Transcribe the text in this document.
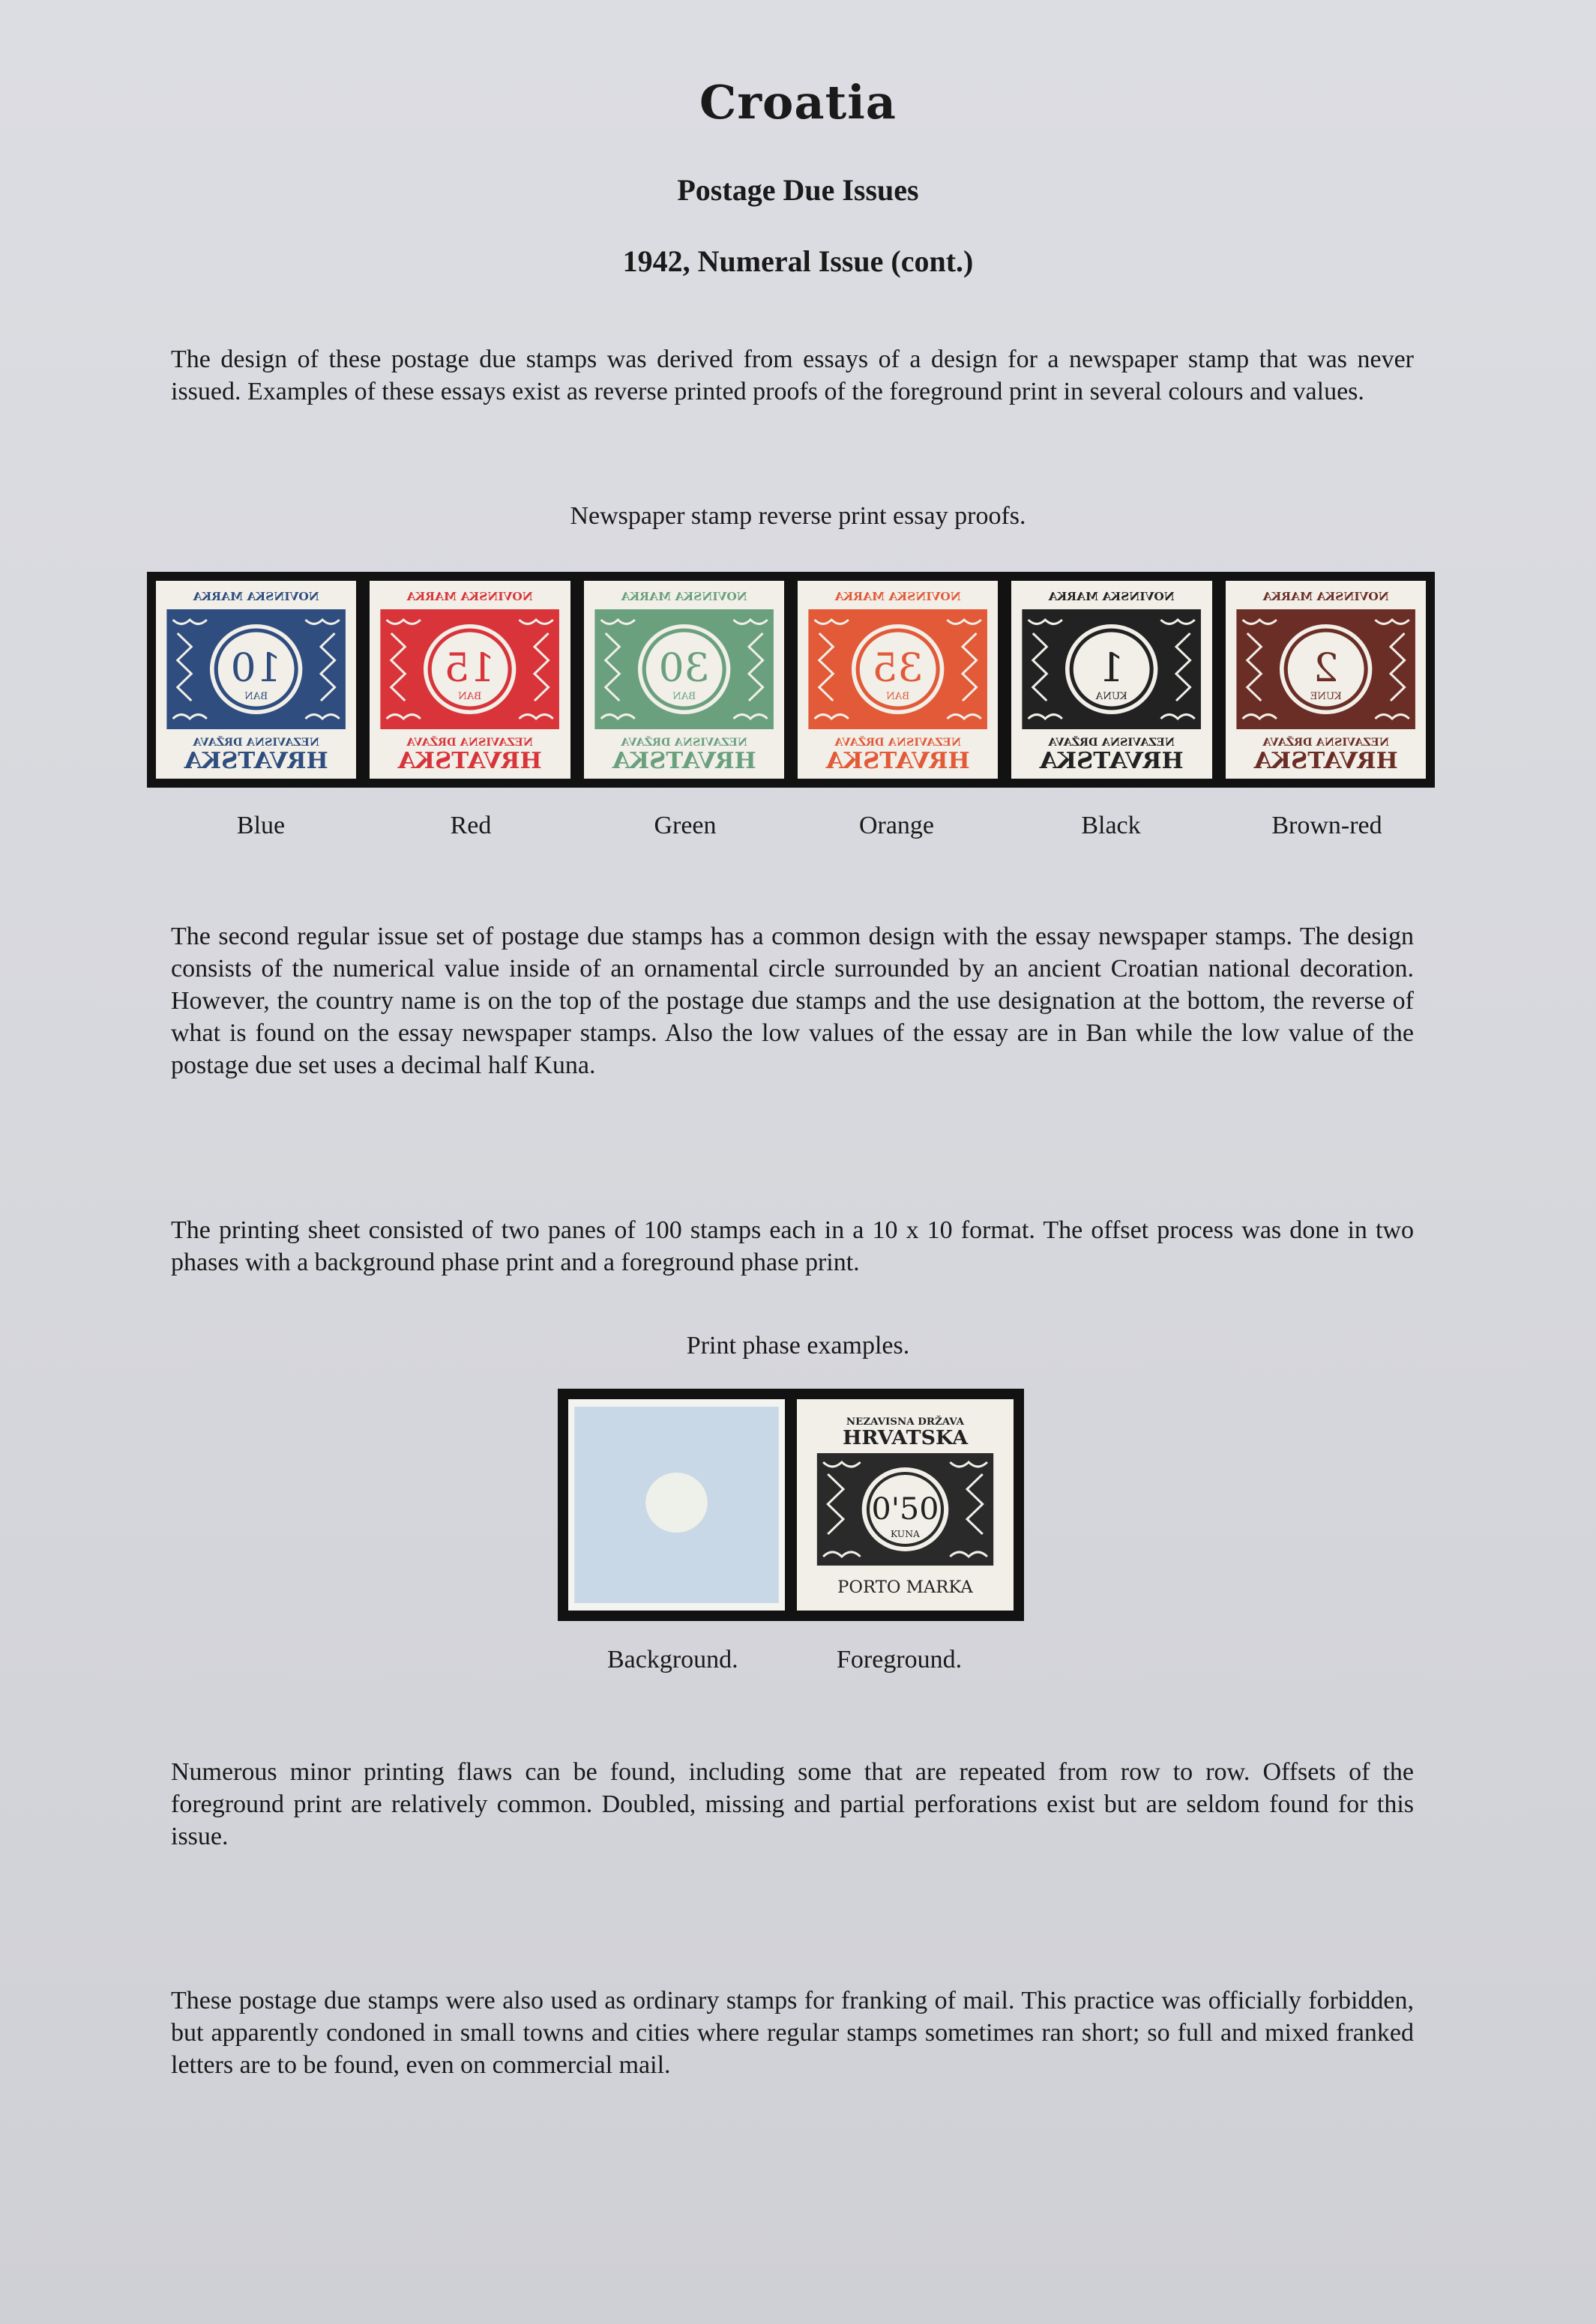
Croatia
Postage Due Issues
1942, Numeral Issue (cont.)
The design of these postage due stamps was derived from essays of a design for a newspaper stamp that was never issued. Examples of these essays exist as reverse printed proofs of the foreground print in several colours and values.
Newspaper stamp reverse print essay proofs.
NOVINSKA MARKA
10
BAN
NEZAVISNA DRŽAVA
HRVATSKA
NOVINSKA MARKA
15
BAN
NEZAVISNA DRŽAVA
HRVATSKA
NOVINSKA MARKA
30
BAN
NEZAVISNA DRŽAVA
HRVATSKA
NOVINSKA MARKA
35
BAN
NEZAVISNA DRŽAVA
HRVATSKA
NOVINSKA MARKA
1
KUNA
NEZAVISNA DRŽAVA
HRVATSKA
NOVINSKA MARKA
2
KUNE
NEZAVISNA DRŽAVA
HRVATSKA
Blue	Red	Green	Orange	Black	Brown-red
The second regular issue set of postage due stamps has a common design with the essay newspaper stamps. The design consists of the numerical value inside of an ornamental circle surrounded by an ancient Croatian national decoration. However, the country name is on the top of the postage due stamps and the use designation at the bottom, the reverse of what is found on the essay newspaper stamps. Also the low values of the essay are in Ban while the low value of the postage due set uses a decimal half Kuna.
The printing sheet consisted of two panes of 100 stamps each in a 10 x 10 format. The offset process was done in two phases with a background phase print and a foreground phase print.
Print phase examples.
NEZAVISNA DRŽAVA
HRVATSKA
0'50
KUNA
PORTO MARKA
Background.	Foreground.
Numerous minor printing flaws can be found, including some that are repeated from row to row. Offsets of the foreground print are relatively common. Doubled, missing and partial perforations exist but are seldom found for this issue.
These postage due stamps were also used as ordinary stamps for franking of mail. This practice was officially forbidden, but apparently condoned in small towns and cities where regular stamps sometimes ran short; so full and mixed franked letters are to be found, even on commercial mail.
